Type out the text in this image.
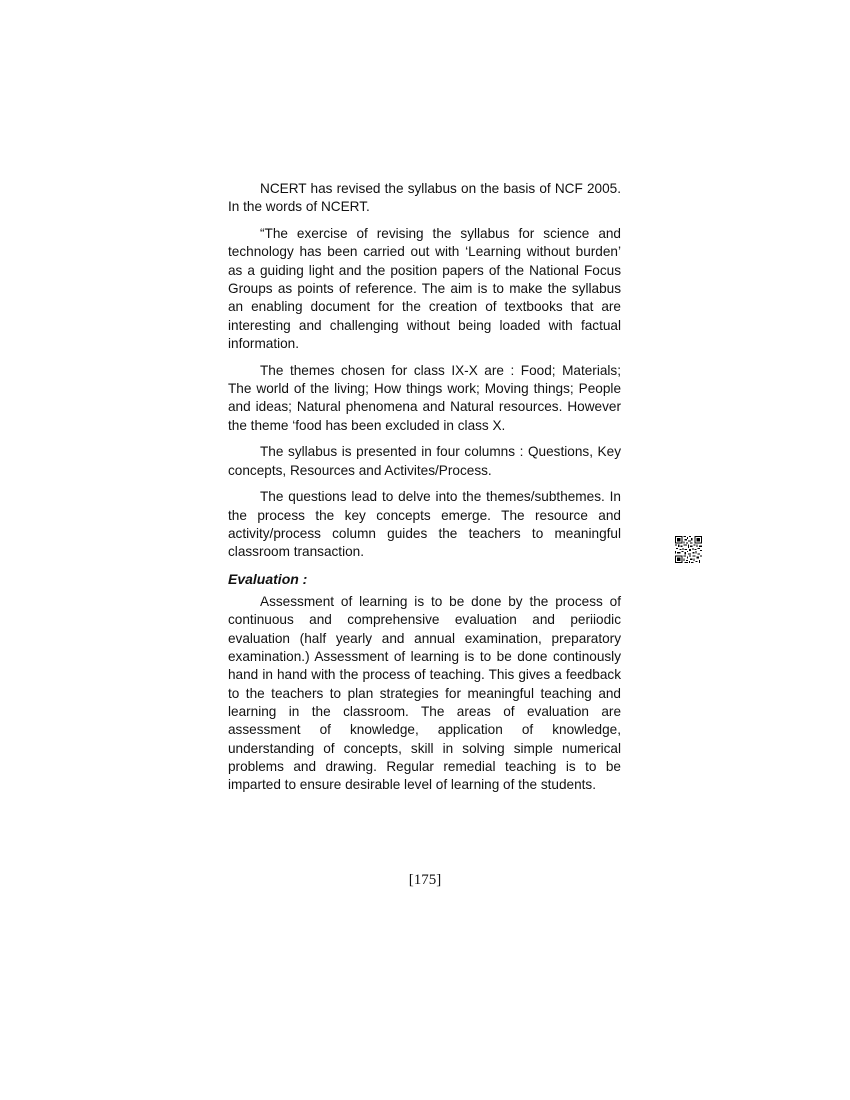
NCERT has revised the syllabus on the basis of NCF 2005. In the words of NCERT.

“The exercise of revising the syllabus for science and technology has been carried out with ‘Learning without burden’ as a guiding light and the position papers of the National Focus Groups as points of reference. The aim is to make the syllabus an enabling document for the creation of textbooks that are interesting and challenging without being loaded with factual information.

The themes chosen for class IX-X are : Food; Materials; The world of the living; How things work; Moving things; People and ideas; Natural phenomena and Natural resources. However the theme ‘food has been excluded in class X.

The syllabus is presented in four columns : Questions, Key concepts, Resources and Activites/Process.

The questions lead to delve into the themes/subthemes. In the process the key concepts emerge. The resource and activity/process column guides the teachers to meaningful classroom transaction.

Evaluation :

Assessment of learning is to be done by the process of continuous and comprehensive evaluation and periiodic evaluation (half yearly and annual examination, preparatory examination.) Assessment of learning is to be done continously hand in hand with the process of teaching. This gives a feedback to the teachers to plan strategies for meaningful teaching and learning in the classroom. The areas of evaluation are assessment of knowledge, application of knowledge, understanding of concepts, skill in solving simple numerical problems and drawing. Regular remedial teaching is to be imparted to ensure desirable level of learning of the students.

[175]
